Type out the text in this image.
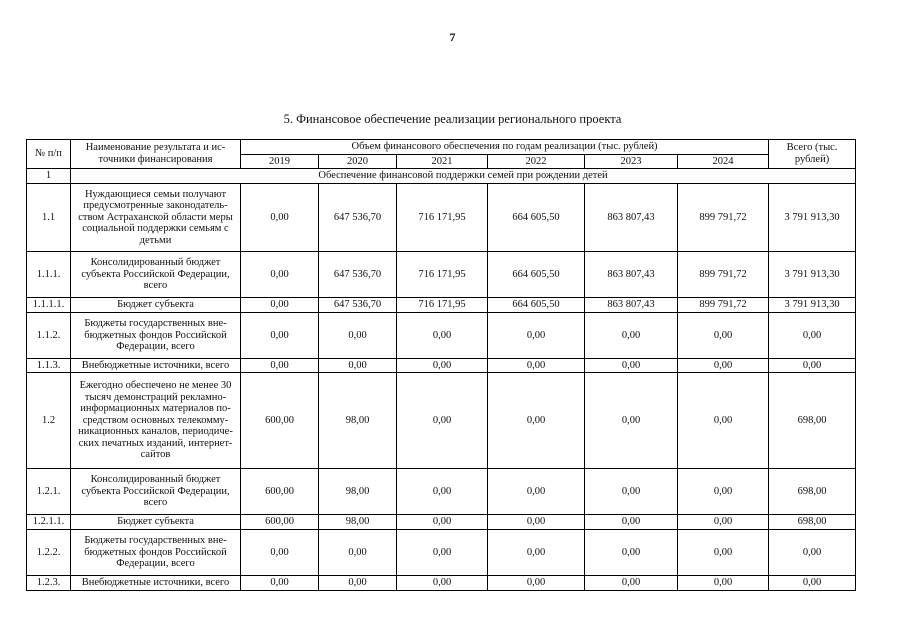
7
5. Финансовое обеспечение реализации регионального проекта
№ п/п	Наименование результата и ис-точники финансирования	Объем финансового обеспечения по годам реализации (тыс. рублей)						Всего (тыс. рублей)
		2019	2020	2021	2022	2023	2024	
1	Обеспечение финансовой поддержки семей при рождении детей							
1.1	Нуждающиеся семьи получают предусмотренные законодатель-ством Астраханской области меры социальной поддержки семьям с детьми	0,00	647 536,70	716 171,95	664 605,50	863 807,43	899 791,72	3 791 913,30
1.1.1.	Консолидированный бюджет субъекта Российской Федерации, всего	0,00	647 536,70	716 171,95	664 605,50	863 807,43	899 791,72	3 791 913,30
1.1.1.1.	Бюджет субъекта	0,00	647 536,70	716 171,95	664 605,50	863 807,43	899 791,72	3 791 913,30
1.1.2.	Бюджеты государственных вне-бюджетных фондов Российской Федерации, всего	0,00	0,00	0,00	0,00	0,00	0,00	0,00
1.1.3.	Внебюджетные источники, всего	0,00	0,00	0,00	0,00	0,00	0,00	0,00
1.2	Ежегодно обеспечено не менее 30 тысяч демонстраций рекламно-информационных материалов по-средством основных телекомму-никационных каналов, периодиче-ских печатных изданий, интернет-сайтов	600,00	98,00	0,00	0,00	0,00	0,00	698,00
1.2.1.	Консолидированный бюджет субъекта Российской Федерации, всего	600,00	98,00	0,00	0,00	0,00	0,00	698,00
1.2.1.1.	Бюджет субъекта	600,00	98,00	0,00	0,00	0,00	0,00	698,00
1.2.2.	Бюджеты государственных вне-бюджетных фондов Российской Федерации, всего	0,00	0,00	0,00	0,00	0,00	0,00	0,00
1.2.3.	Внебюджетные источники, всего	0,00	0,00	0,00	0,00	0,00	0,00	0,00
